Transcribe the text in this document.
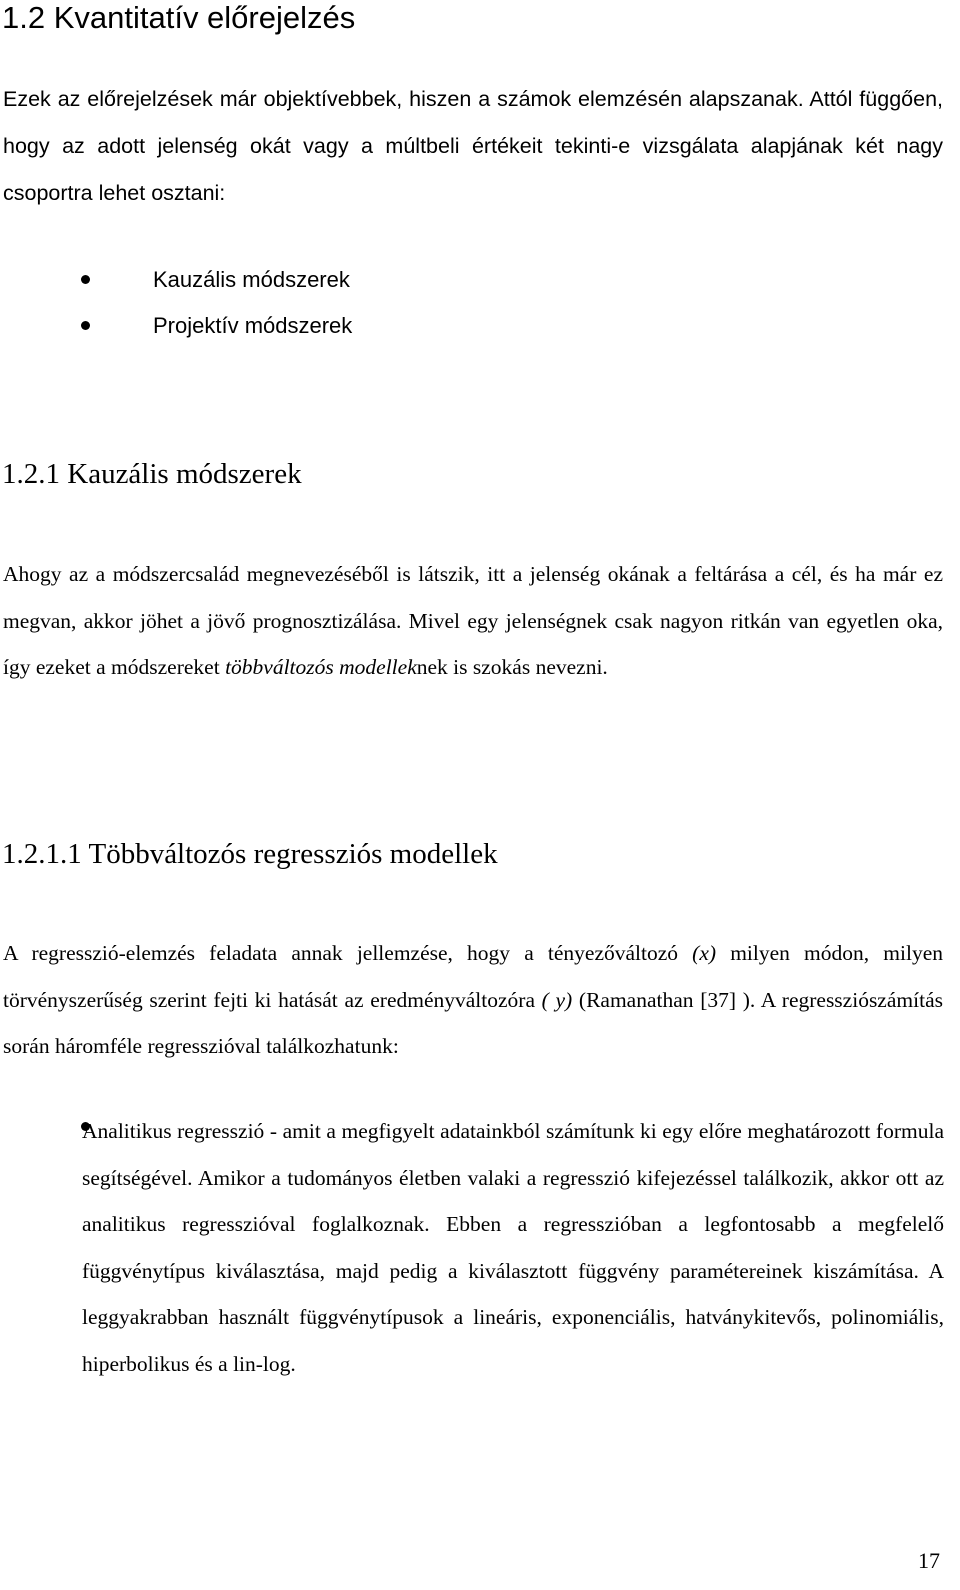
1.2 Kvantitatív előrejelzés
Ezek az előrejelzések már objektívebbek, hiszen a számok elemzésén alapszanak. Attól függően, hogy az adott jelenség okát vagy a múltbeli értékeit tekinti-e vizsgálata alapjának két nagy csoportra lehet osztani:
Kauzális módszerek
Projektív módszerek
1.2.1 Kauzális módszerek
Ahogy az a módszercsalád megnevezéséből is látszik, itt a jelenség okának a feltárása a cél, és ha már ez megvan, akkor jöhet a jövő prognosztizálása. Mivel egy jelenségnek csak nagyon ritkán van egyetlen oka, így ezeket a módszereket többváltozós modelleknek is szokás nevezni.
1.2.1.1 Többváltozós regressziós modellek
A regresszió-elemzés feladata annak jellemzése, hogy a tényezőváltozó (x) milyen módon, milyen törvényszerűség szerint fejti ki hatását az eredményváltozóra ( y) (Ramanathan [37] ). A regressziószámítás során háromféle regresszióval találkozhatunk:
Analitikus regresszió - amit a megfigyelt adatainkból számítunk ki egy előre meghatározott formula segítségével. Amikor a tudományos életben valaki a regresszió kifejezéssel találkozik, akkor ott az analitikus regresszióval foglalkoznak. Ebben a regresszióban a legfontosabb a megfelelő függvénytípus kiválasztása, majd pedig a kiválasztott függvény paramétereinek kiszámítása. A leggyakrabban használt függvénytípusok a lineáris, exponenciális, hatványkitevős, polinomiális, hiperbolikus és a lin-log.
17
